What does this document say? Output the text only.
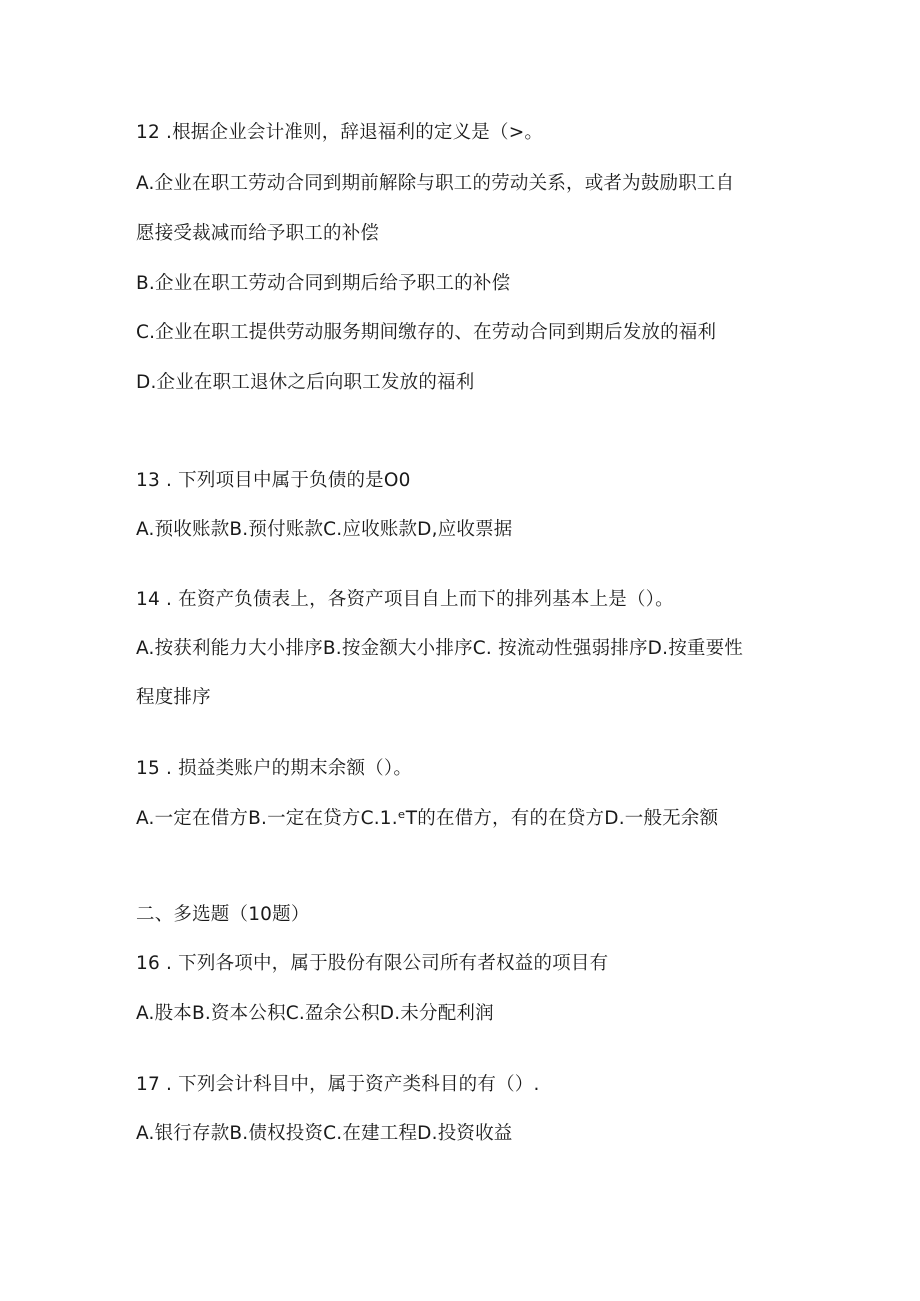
12 .根据企业会计准则，辞退福利的定义是（>。
A.企业在职工劳动合同到期前解除与职工的劳动关系，或者为鼓励职工自
愿接受裁减而给予职工的补偿
B.企业在职工劳动合同到期后给予职工的补偿
C.企业在职工提供劳动服务期间缴存的、在劳动合同到期后发放的福利
D.企业在职工退休之后向职工发放的福利
13 . 下列项目中属于负债的是O0
A.预收账款B.预付账款C.应收账款D,应收票据
14 . 在资产负债表上，各资产项目自上而下的排列基本上是（）。
A.按获利能力大小排序B.按金额大小排序C. 按流动性强弱排序D.按重要性
程度排序
15 . 损益类账户的期末余额（）。
A.一定在借方B.一定在贷方C.1.ᵉT的在借方，有的在贷方D.一般无余额
二、多选题（10题）
16 . 下列各项中，属于股份有限公司所有者权益的项目有
A.股本B.资本公积C.盈余公积D.未分配利润
17 . 下列会计科目中，属于资产类科目的有（）.
A.银行存款B.债权投资C.在建工程D.投资收益
